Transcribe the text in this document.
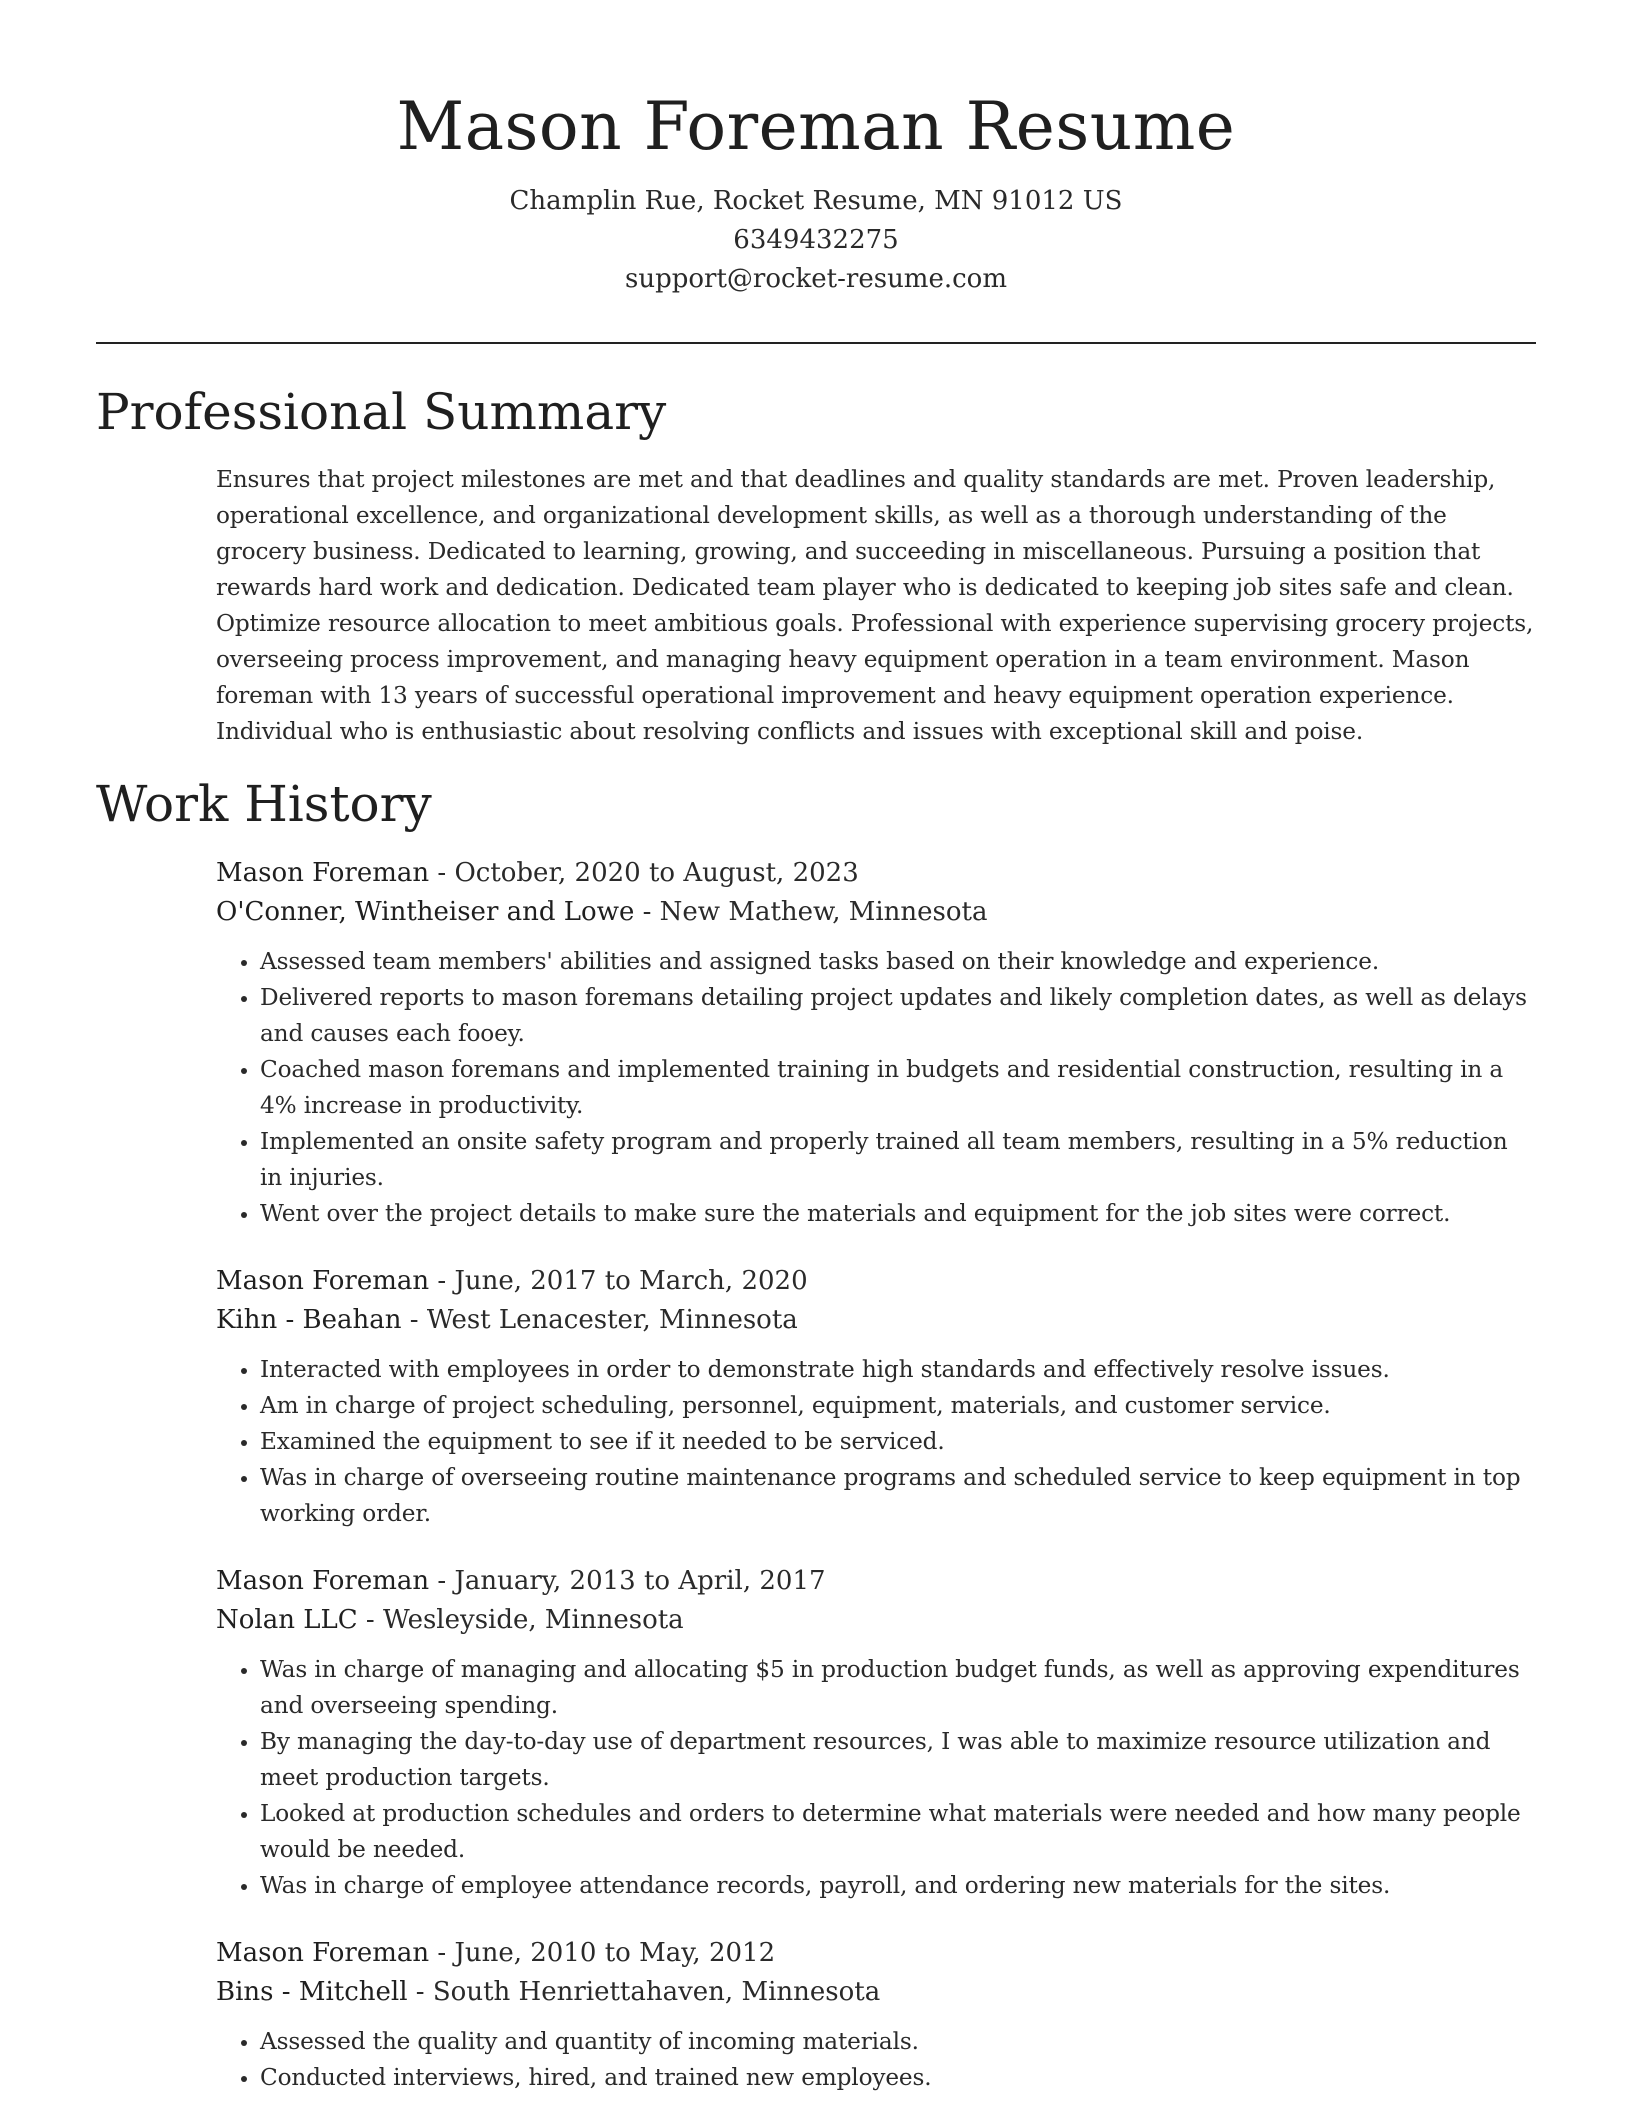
Mason Foreman Resume
Champlin Rue, Rocket Resume, MN 91012 US
6349432275
support@rocket-resume.com
Professional Summary
Ensures that project milestones are met and that deadlines and quality standards are met. Proven leadership, operational excellence, and organizational development skills, as well as a thorough understanding of the grocery business. Dedicated to learning, growing, and succeeding in miscellaneous. Pursuing a position that rewards hard work and dedication. Dedicated team player who is dedicated to keeping job sites safe and clean. Optimize resource allocation to meet ambitious goals. Professional with experience supervising grocery projects, overseeing process improvement, and managing heavy equipment operation in a team environment. Mason foreman with 13 years of successful operational improvement and heavy equipment operation experience. Individual who is enthusiastic about resolving conflicts and issues with exceptional skill and poise.
Work History
Mason Foreman - October, 2020 to August, 2023
O'Conner, Wintheiser and Lowe - New Mathew, Minnesota
• Assessed team members' abilities and assigned tasks based on their knowledge and experience.
• Delivered reports to mason foremans detailing project updates and likely completion dates, as well as delays and causes each fooey.
• Coached mason foremans and implemented training in budgets and residential construction, resulting in a 4% increase in productivity.
• Implemented an onsite safety program and properly trained all team members, resulting in a 5% reduction in injuries.
• Went over the project details to make sure the materials and equipment for the job sites were correct.
Mason Foreman - June, 2017 to March, 2020
Kihn - Beahan - West Lenacester, Minnesota
• Interacted with employees in order to demonstrate high standards and effectively resolve issues.
• Am in charge of project scheduling, personnel, equipment, materials, and customer service.
• Examined the equipment to see if it needed to be serviced.
• Was in charge of overseeing routine maintenance programs and scheduled service to keep equipment in top working order.
Mason Foreman - January, 2013 to April, 2017
Nolan LLC - Wesleyside, Minnesota
• Was in charge of managing and allocating $5 in production budget funds, as well as approving expenditures and overseeing spending.
• By managing the day-to-day use of department resources, I was able to maximize resource utilization and meet production targets.
• Looked at production schedules and orders to determine what materials were needed and how many people would be needed.
• Was in charge of employee attendance records, payroll, and ordering new materials for the sites.
Mason Foreman - June, 2010 to May, 2012
Bins - Mitchell - South Henriettahaven, Minnesota
• Assessed the quality and quantity of incoming materials.
• Conducted interviews, hired, and trained new employees.
